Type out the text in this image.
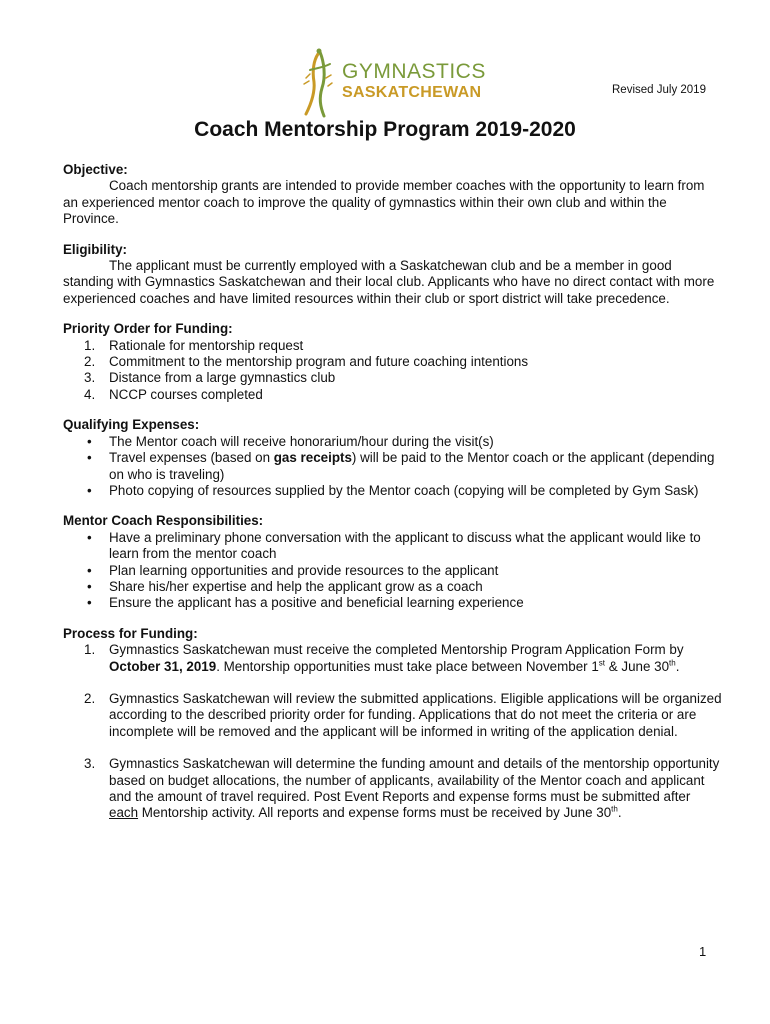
GYMNASTICS
SASKATCHEWAN	Revised July 2019
Coach Mentorship Program 2019-2020
Objective:
Coach mentorship grants are intended to provide member coaches with the opportunity to learn from an experienced mentor coach to improve the quality of gymnastics within their own club and within the Province.
Eligibility:
The applicant must be currently employed with a Saskatchewan club and be a member in good standing with Gymnastics Saskatchewan and their local club. Applicants who have no direct contact with more experienced coaches and have limited resources within their club or sport district will take precedence.
Priority Order for Funding:
1. Rationale for mentorship request
2. Commitment to the mentorship program and future coaching intentions
3. Distance from a large gymnastics club
4. NCCP courses completed
Qualifying Expenses:
• The Mentor coach will receive honorarium/hour during the visit(s)
• Travel expenses (based on gas receipts) will be paid to the Mentor coach or the applicant (depending on who is traveling)
• Photo copying of resources supplied by the Mentor coach (copying will be completed by Gym Sask)
Mentor Coach Responsibilities:
• Have a preliminary phone conversation with the applicant to discuss what the applicant would like to learn from the mentor coach
• Plan learning opportunities and provide resources to the applicant
• Share his/her expertise and help the applicant grow as a coach
• Ensure the applicant has a positive and beneficial learning experience
Process for Funding:
1. Gymnastics Saskatchewan must receive the completed Mentorship Program Application Form by October 31, 2019. Mentorship opportunities must take place between November 1st & June 30th.
2. Gymnastics Saskatchewan will review the submitted applications. Eligible applications will be organized according to the described priority order for funding. Applications that do not meet the criteria or are incomplete will be removed and the applicant will be informed in writing of the application denial.
3. Gymnastics Saskatchewan will determine the funding amount and details of the mentorship opportunity based on budget allocations, the number of applicants, availability of the Mentor coach and applicant and the amount of travel required. Post Event Reports and expense forms must be submitted after each Mentorship activity. All reports and expense forms must be received by June 30th.
1
